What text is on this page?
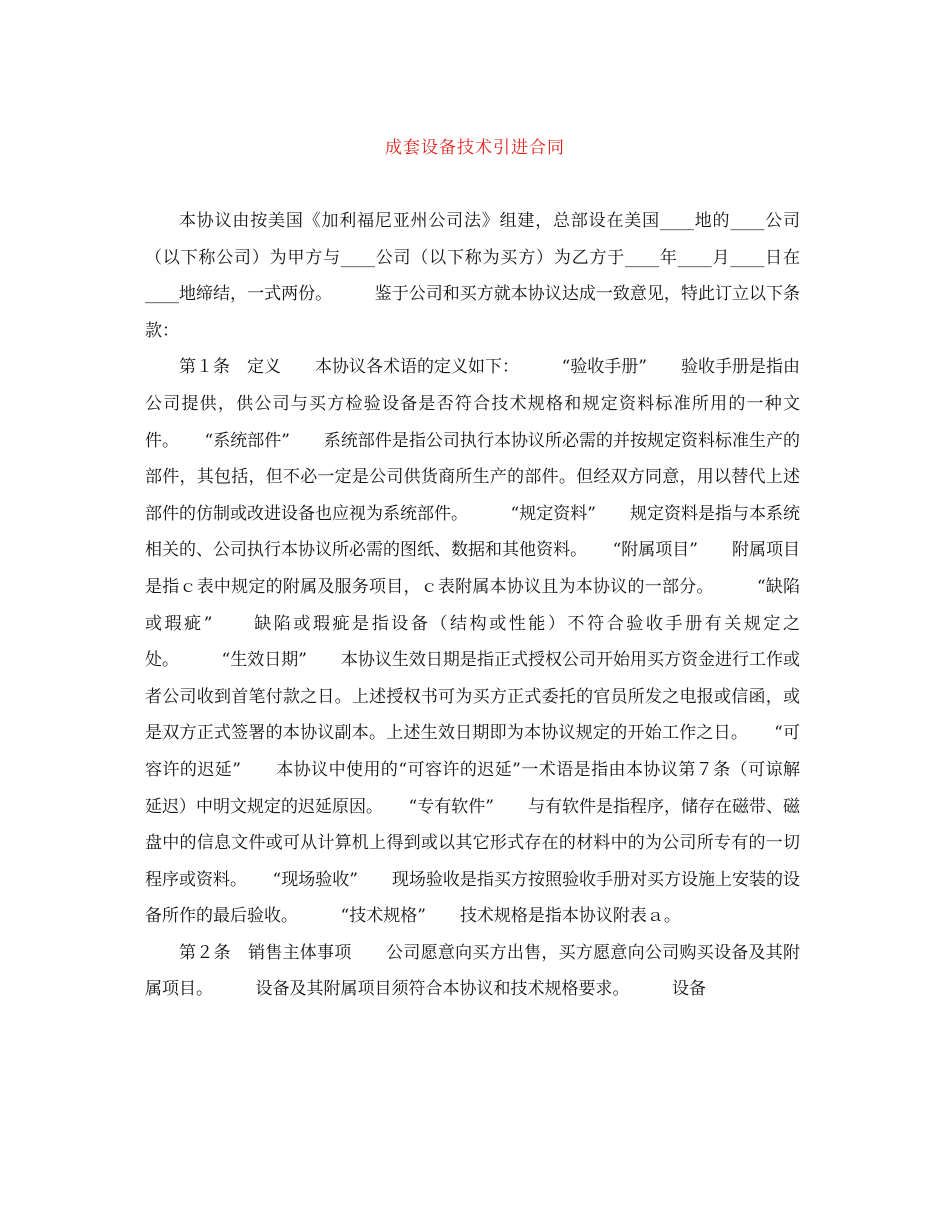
成套设备技术引进合同

本协议由按美国《加利福尼亚州公司法》组建，总部设在美国____地的____公司（以下称公司）为甲方与____公司（以下称为买方）为乙方于____年____月____日在____地缔结，一式两份。　　　鉴于公司和买方就本协议达成一致意见，特此订立以下条款：

第１条　定义　　本协议各术语的定义如下：　　　“验收手册”　　验收手册是指由公司提供，供公司与买方检验设备是否符合技术规格和规定资料标准所用的一种文件。　　“系统部件”　　系统部件是指公司执行本协议所必需的并按规定资料标准生产的部件，其包括，但不必一定是公司供货商所生产的部件。但经双方同意，用以替代上述部件的仿制或改进设备也应视为系统部件。　　　“规定资料”　　规定资料是指与本系统相关的、公司执行本协议所必需的图纸、数据和其他资料。　　“附属项目”　　附属项目是指ｃ表中规定的附属及服务项目，ｃ表附属本协议且为本协议的一部分。　　　“缺陷或瑕疵”　　缺陷或瑕疵是指设备（结构或性能）不符合验收手册有关规定之处。　　　“生效日期”　　本协议生效日期是指正式授权公司开始用买方资金进行工作或者公司收到首笔付款之日。上述授权书可为买方正式委托的官员所发之电报或信函，或是双方正式签署的本协议副本。上述生效日期即为本协议规定的开始工作之日。　　“可容许的迟延”　　本协议中使用的“可容许的迟延”一术语是指由本协议第７条（可谅解延迟）中明文规定的迟延原因。　　“专有软件”　　与有软件是指程序，储存在磁带、磁盘中的信息文件或可从计算机上得到或以其它形式存在的材料中的为公司所专有的一切程序或资料。　　“现场验收”　　现场验收是指买方按照验收手册对买方设施上安装的设备所作的最后验收。　　　“技术规格”　　技术规格是指本协议附表ａ。

第２条　销售主体事项　　公司愿意向买方出售，买方愿意向公司购买设备及其附属项目。　　　设备及其附属项目须符合本协议和技术规格要求。　　　设备
